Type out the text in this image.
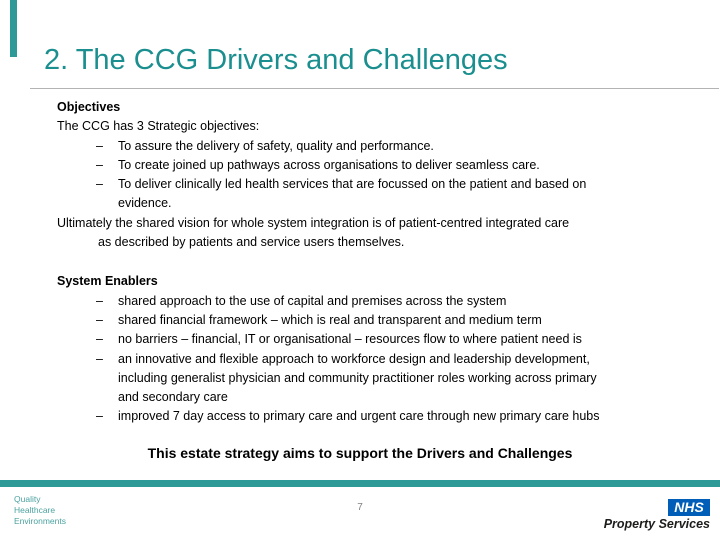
2. The CCG Drivers and Challenges
Objectives
The CCG has 3 Strategic objectives:
–	To assure the delivery of safety, quality and performance.
–	To create joined up pathways across organisations to deliver seamless care.
–	To deliver clinically led health services that are focussed on the patient and based on
evidence.
Ultimately the shared vision for whole system integration is of patient-centred integrated care
as described by patients and service users themselves.
System Enablers
–	shared approach to the use of capital and premises across the system
–	shared financial framework – which is real and transparent and medium term
–	no barriers – financial, IT or organisational – resources flow to where patient need is
–	an innovative and flexible approach to workforce design and leadership development,
including generalist physician and community practitioner roles working across primary
and secondary care
–	improved 7 day access to primary care and urgent care through new primary care hubs
This estate strategy aims to support the Drivers and Challenges
Quality
Healthcare
Environments
7	NHS
Property Services
